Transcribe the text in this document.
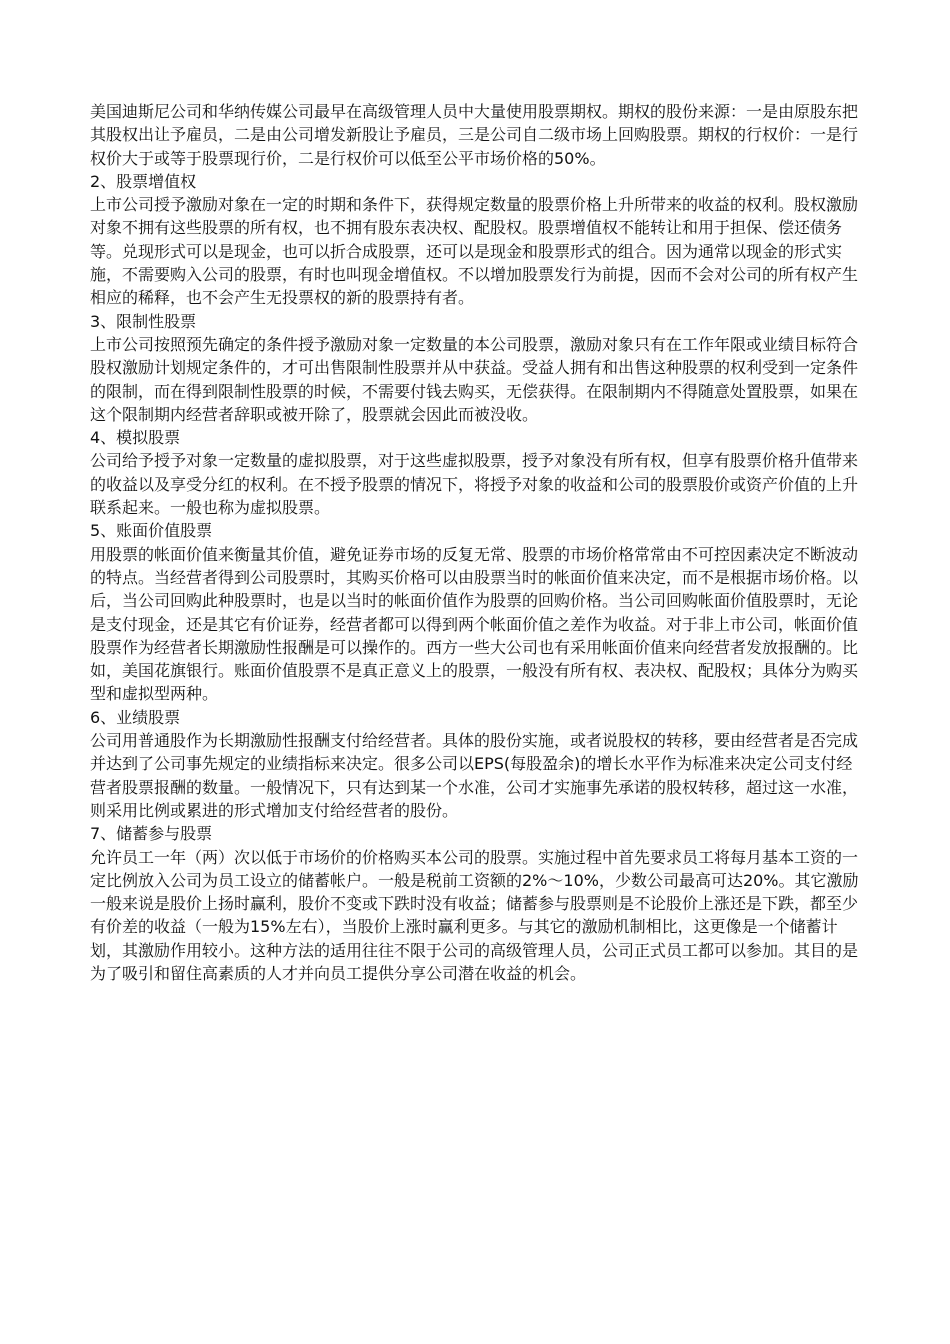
美国迪斯尼公司和华纳传媒公司最早在高级管理人员中大量使用股票期权。期权的股份来源：一是由原股东把其股权出让予雇员，二是由公司增发新股让予雇员，三是公司自二级市场上回购股票。期权的行权价：一是行权价大于或等于股票现行价，二是行权价可以低至公平市场价格的50%。

2、股票增值权

上市公司授予激励对象在一定的时期和条件下，获得规定数量的股票价格上升所带来的收益的权利。股权激励对象不拥有这些股票的所有权，也不拥有股东表决权、配股权。股票增值权不能转让和用于担保、偿还债务等。兑现形式可以是现金，也可以折合成股票，还可以是现金和股票形式的组合。因为通常以现金的形式实施，不需要购入公司的股票，有时也叫现金增值权。不以增加股票发行为前提，因而不会对公司的所有权产生相应的稀释，也不会产生无投票权的新的股票持有者。

3、限制性股票

上市公司按照预先确定的条件授予激励对象一定数量的本公司股票，激励对象只有在工作年限或业绩目标符合股权激励计划规定条件的，才可出售限制性股票并从中获益。受益人拥有和出售这种股票的权利受到一定条件的限制，而在得到限制性股票的时候，不需要付钱去购买，无偿获得。在限制期内不得随意处置股票，如果在这个限制期内经营者辞职或被开除了，股票就会因此而被没收。

4、模拟股票

公司给予授予对象一定数量的虚拟股票，对于这些虚拟股票，授予对象没有所有权，但享有股票价格升值带来的收益以及享受分红的权利。在不授予股票的情况下，将授予对象的收益和公司的股票股价或资产价值的上升联系起来。一般也称为虚拟股票。

5、账面价值股票

用股票的帐面价值来衡量其价值，避免证券市场的反复无常、股票的市场价格常常由不可控因素决定不断波动的特点。当经营者得到公司股票时，其购买价格可以由股票当时的帐面价值来决定，而不是根据市场价格。以后，当公司回购此种股票时，也是以当时的帐面价值作为股票的回购价格。当公司回购帐面价值股票时，无论是支付现金，还是其它有价证券，经营者都可以得到两个帐面价值之差作为收益。对于非上市公司，帐面价值股票作为经营者长期激励性报酬是可以操作的。西方一些大公司也有采用帐面价值来向经营者发放报酬的。比如，美国花旗银行。账面价值股票不是真正意义上的股票，一般没有所有权、表决权、配股权；具体分为购买型和虚拟型两种。

6、业绩股票

公司用普通股作为长期激励性报酬支付给经营者。具体的股份实施，或者说股权的转移，要由经营者是否完成并达到了公司事先规定的业绩指标来决定。很多公司以EPS(每股盈余)的增长水平作为标准来决定公司支付经营者股票报酬的数量。一般情况下，只有达到某一个水准，公司才实施事先承诺的股权转移，超过这一水准，则采用比例或累进的形式增加支付给经营者的股份。

7、储蓄参与股票

允许员工一年（两）次以低于市场价的价格购买本公司的股票。实施过程中首先要求员工将每月基本工资的一定比例放入公司为员工设立的储蓄帐户。一般是税前工资额的2%～10%，少数公司最高可达20%。其它激励一般来说是股价上扬时赢利，股价不变或下跌时没有收益；储蓄参与股票则是不论股价上涨还是下跌，都至少有价差的收益（一般为15%左右），当股价上涨时赢利更多。与其它的激励机制相比，这更像是一个储蓄计划，其激励作用较小。这种方法的适用往往不限于公司的高级管理人员，公司正式员工都可以参加。其目的是为了吸引和留住高素质的人才并向员工提供分享公司潜在收益的机会。
